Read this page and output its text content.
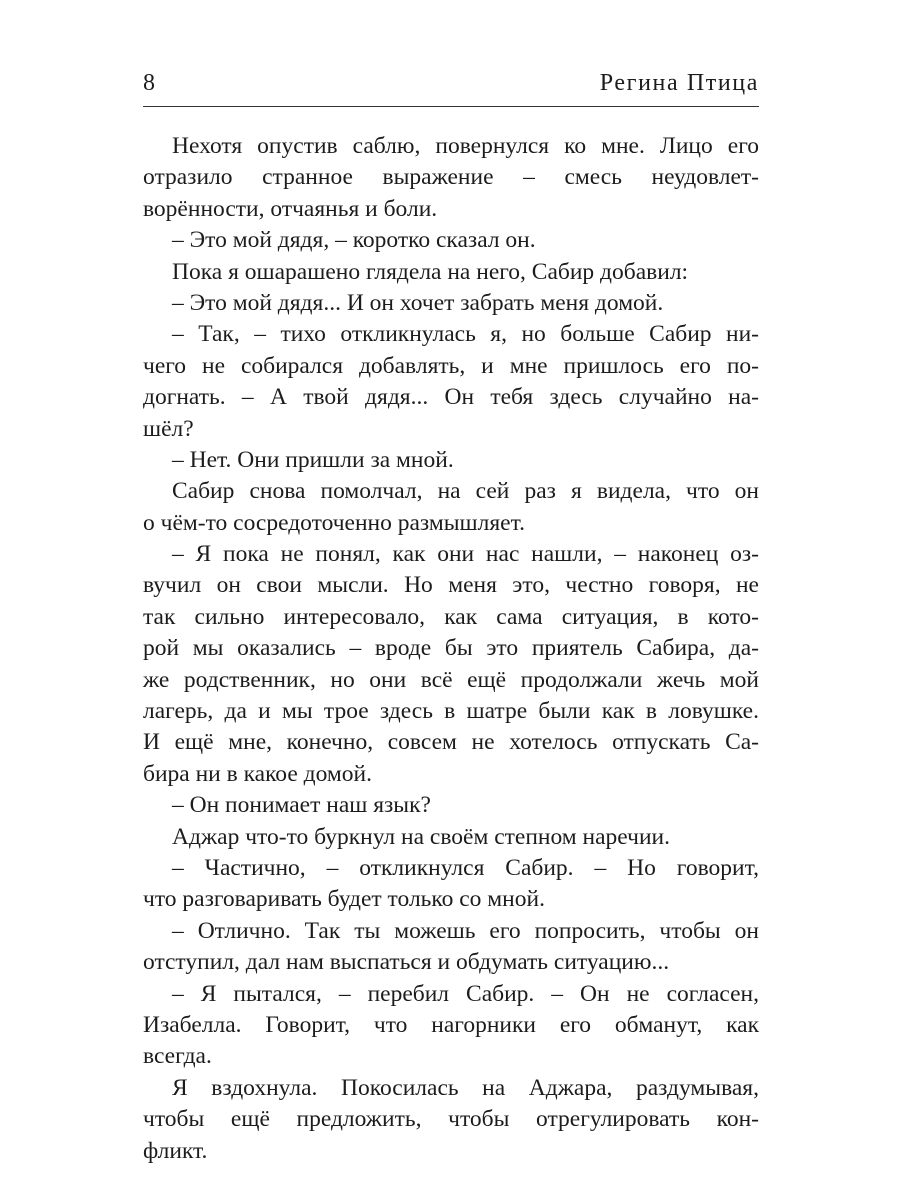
8	Регина Птица
Нехотя опустив саблю, повернулся ко мне. Лицо его
отразило странное выражение – смесь неудовлет-
ворённости, отчаянья и боли.
– Это мой дядя, – коротко сказал он.
Пока я ошарашено глядела на него, Сабир добавил:
– Это мой дядя... И он хочет забрать меня домой.
– Так, – тихо откликнулась я, но больше Сабир ни-
чего не собирался добавлять, и мне пришлось его по-
догнать. – А твой дядя... Он тебя здесь случайно на-
шёл?
– Нет. Они пришли за мной.
Сабир снова помолчал, на сей раз я видела, что он
о чём-то сосредоточенно размышляет.
– Я пока не понял, как они нас нашли, – наконец оз-
вучил он свои мысли. Но меня это, честно говоря, не
так сильно интересовало, как сама ситуация, в кото-
рой мы оказались – вроде бы это приятель Сабира, да-
же родственник, но они всё ещё продолжали жечь мой
лагерь, да и мы трое здесь в шатре были как в ловушке.
И ещё мне, конечно, совсем не хотелось отпускать Са-
бира ни в какое домой.
– Он понимает наш язык?
Аджар что-то буркнул на своём степном наречии.
– Частично, – откликнулся Сабир. – Но говорит,
что разговаривать будет только со мной.
– Отлично. Так ты можешь его попросить, чтобы он
отступил, дал нам выспаться и обдумать ситуацию...
– Я пытался, – перебил Сабир. – Он не согласен,
Изабелла. Говорит, что нагорники его обманут, как
всегда.
Я вздохнула. Покосилась на Аджара, раздумывая,
чтобы ещё предложить, чтобы отрегулировать кон-
фликт.
